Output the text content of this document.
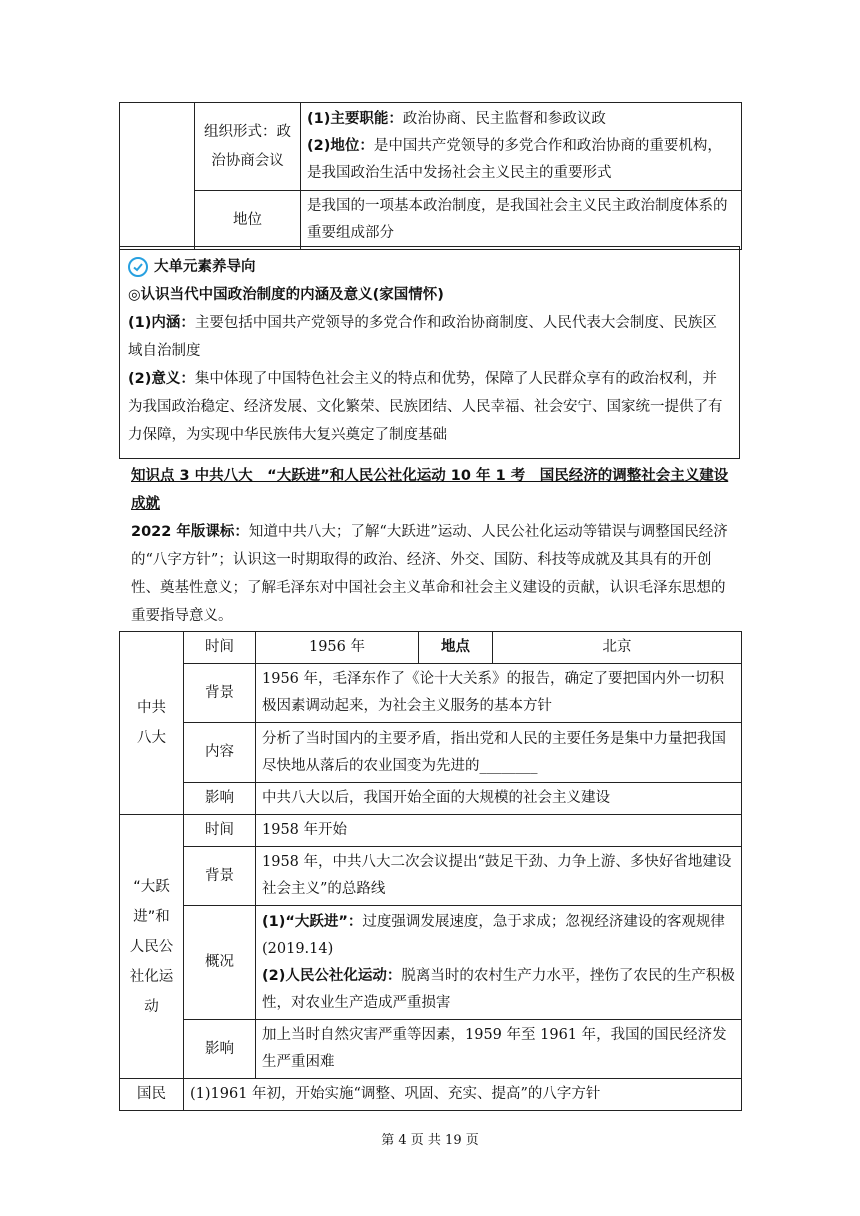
	组织形式：政治协商会议	(1)主要职能：政治协商、民主监督和参政议政
(2)地位：是中国共产党领导的多党合作和政治协商的重要机构，是我国政治生活中发扬社会主义民主的重要形式

	地位	是我国的一项基本政治制度，是我国社会主义民主政治制度体系的重要组成部分
大单元素养导向
◎认识当代中国政治制度的内涵及意义(家国情怀)
(1)内涵：主要包括中国共产党领导的多党合作和政治协商制度、人民代表大会制度、民族区域自治制度
(2)意义：集中体现了中国特色社会主义的特点和优势，保障了人民群众享有的政治权利，并为我国政治稳定、经济发展、文化繁荣、民族团结、人民幸福、社会安宁、国家统一提供了有力保障，为实现中华民族伟大复兴奠定了制度基础
知识点 3 中共八大　“大跃进”和人民公社化运动 10 年 1 考　国民经济的调整社会主义建设成就
2022 年版课标：知道中共八大；了解“大跃进”运动、人民公社化运动等错误与调整国民经济的“八字方针”；认识这一时期取得的政治、经济、外交、国防、科技等成就及其具有的开创性、奠基性意义；了解毛泽东对中国社会主义革命和社会主义建设的贡献，认识毛泽东思想的重要指导意义。
中共八大	时间	1956 年	地点	北京
	背景	1956 年，毛泽东作了《论十大关系》的报告，确定了要把国内外一切积极因素调动起来，为社会主义服务的基本方针		
	内容	分析了当时国内的主要矛盾，指出党和人民的主要任务是集中力量把我国尽快地从落后的农业国变为先进的________		
	影响	中共八大以后，我国开始全面的大规模的社会主义建设		
“大跃进”和人民公社化运动	时间	1958 年开始		
	背景	1958 年，中共八大二次会议提出“鼓足干劲、力争上游、多快好省地建设社会主义”的总路线		
	概况	(1)“大跃进”：过度强调发展速度，急于求成；忽视经济建设的客观规律(2019.14)
(2)人民公社化运动：脱离当时的农村生产力水平，挫伤了农民的生产积极性，对农业生产造成严重损害		

	影响	加上当时自然灾害严重等因素，1959 年至 1961 年，我国的国民经济发生严重困难		
国民	(1)1961 年初，开始实施“调整、巩固、充实、提高”的八字方针			
第 4 页 共 19 页
